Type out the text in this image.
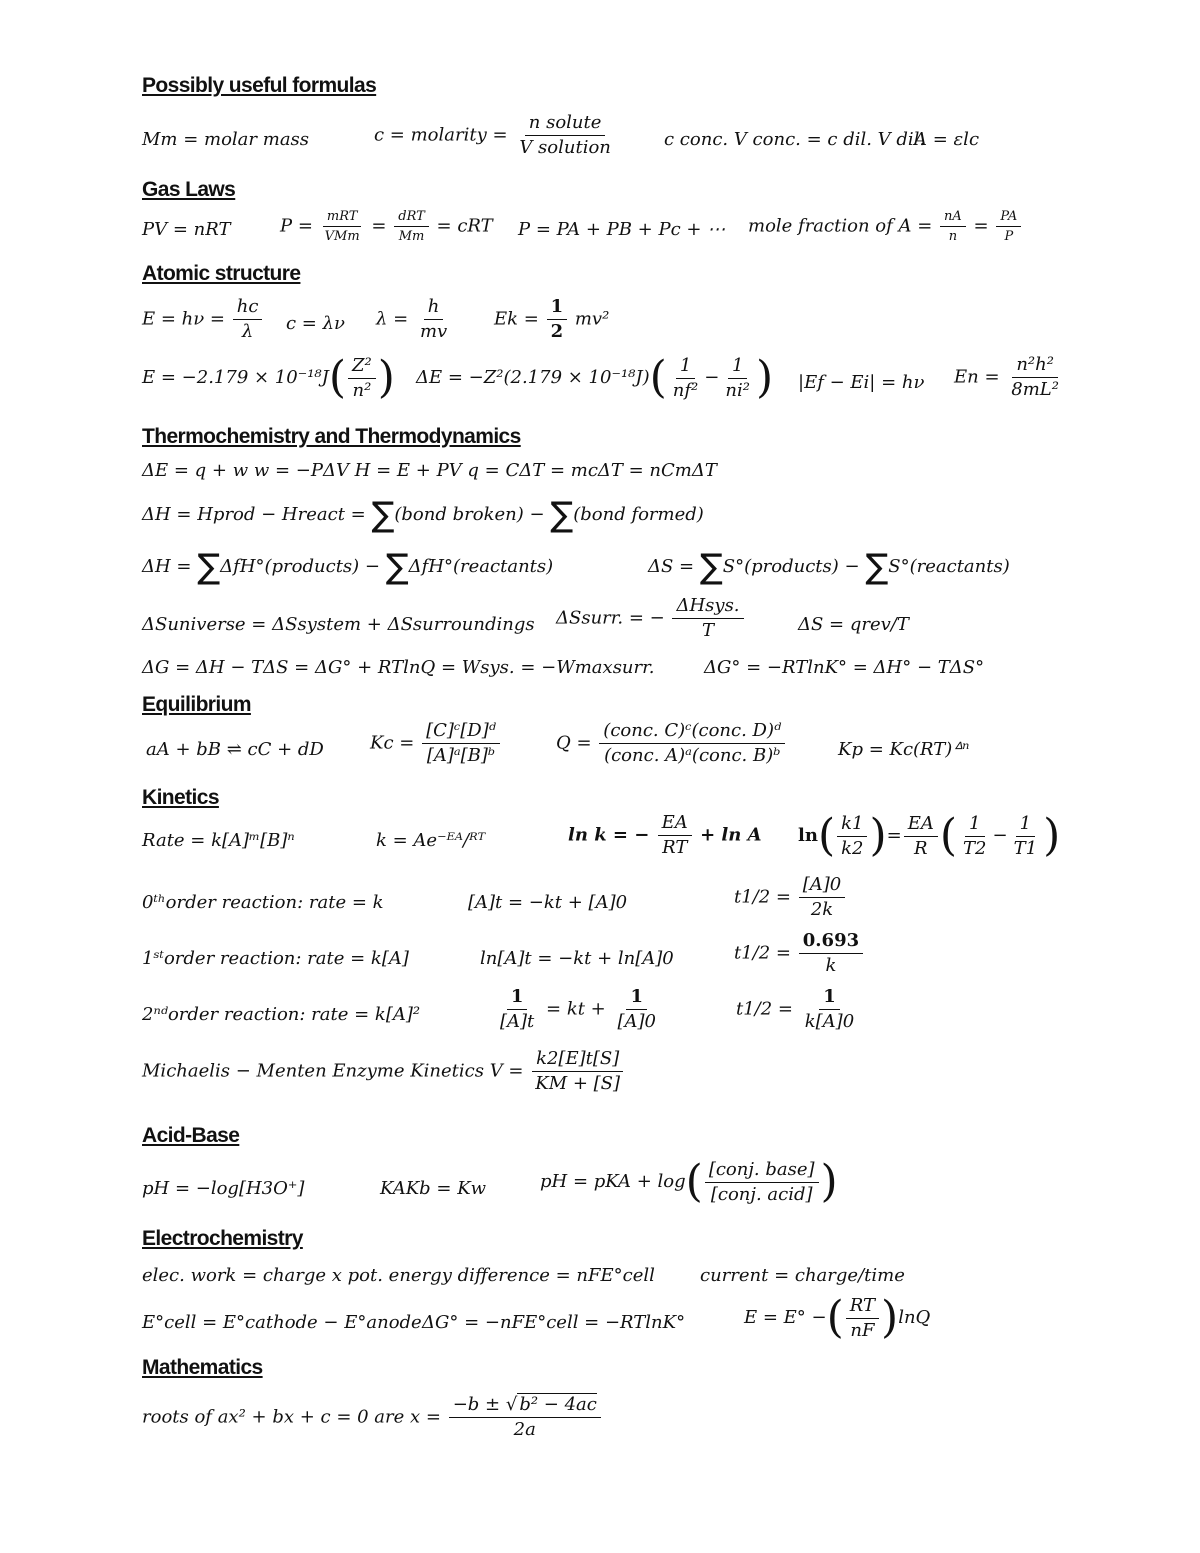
Possibly useful formulas
Gas Laws
Atomic structure
Thermochemistry and Thermodynamics
Equilibrium
Kinetics
Acid-Base
Electrochemistry
Mathematics
Mm = molar mass	c = molarity = $\frac{\text{n solute}}{\text{V solution}}$	c conc. V conc. = c dil. V dil.
A = εlc
PV = nRT	$P = \frac{\text{mRT}}{\text{VMm}} = \frac{\text{dRT}}{Mm}$ = cRT P = PA + PB + Pc + ⋯ mole fraction of $A = \frac{nA}{n} = \frac{PA}{P}$
$E = h\nu = \frac{hc}{\lambda}$ c = λν $\lambda = \frac{h}{mv}$ $Ek = \frac{1}{2} mv^2$
$E = -2.179 \times 10^{-18}J( \frac{\text{Z²}}{\text{n²}}$ ) $\Delta E = -Z^2(2.179 \times 10^{-18}J)( \frac{1}{\text{nf²}} - \frac{1}{\text{ni²}}$ ) |Ef − Ei| = hν $En = \frac{\text{n²h²}}{\text{8mL²}}$
ΔE = q + w w = −PΔV H = E + PV q = CΔT = mcΔT = nCmΔT
ΔH = Hprod − Hreact = ∑(bond broken) − ∑(bond formed)
ΔH = ∑ΔfH°(products) − ∑ΔfH°(reactants)	ΔS = ∑S°(products) − ∑S°(reactants)
ΔSuniverse = ΔSsystem + ΔSsurroundings ΔSsurr. = − $\frac{\text{ΔHsys.}}{T}$	ΔS = qrev/T
ΔG = ΔH − TΔS = ΔG° + RTlnQ = Wsys. = −Wmaxsurr.	ΔG° = −RTlnK° = ΔH° − TΔS°
aA + bB ⇌ cC + dD	$Kc = \frac{\text{[C]ᶜ[D]ᵈ}}{\text{[A]ᵃ[B]ᵇ}}$	$Q = \frac{\text{(conc. C)ᶜ(conc. D)ᵈ}}{\text{(conc. A)ᵃ(conc. B)ᵇ}}$	Kp = Kc(RT)ᐞⁿ
Rate = k[A]ᵐ[B]ⁿ	k = Ae⁻ᴱᴬ/ᴿᵀ	ln k = − $\frac{EA}{RT} + \ln A$ $\ln( \frac{k1}{k2}$ )= $\frac{EA}{R}$ ( $\frac{1}{T2} - \frac{1}{T1}$ )
0ᵗʰorder reaction: rate = k	[A]t = −kt + [A]0	$t1/2 = \frac{[A]0}{2k}$
1ˢᵗorder reaction: rate = k[A]	ln[A]t = −kt + ln[A]0	$t1/2 = \frac{0.693}{k}$
2ⁿᵈorder reaction: rate = k[A]²	$\frac{1}{[A]t}$ = kt + $\frac{1}{[A]0}$	$t1/2 = \frac{1}{k[A]0}$
Michaelis − Menten Enzyme Kinetics $V = \frac{k2[E]t[S]}{KM + [S]}$
pH = −log[H3O⁺]	KAKb = Kw	pH = pKA + $\log( \frac{\text{[conj. base]}}{\text{[conj. acid]}}$ )
elec. work = charge x pot. energy difference = nFE°cell	current = charge/time
E°cell = E°cathode − E°anode ΔG° = −nFE°cell = −RTlnK°	E = E° −( $\frac{RT}{nF} )\ln Q$
roots of ax² + bx + c = 0 are $x = \frac{\text{−b ± √ b² − 4ac}}{2a}$
